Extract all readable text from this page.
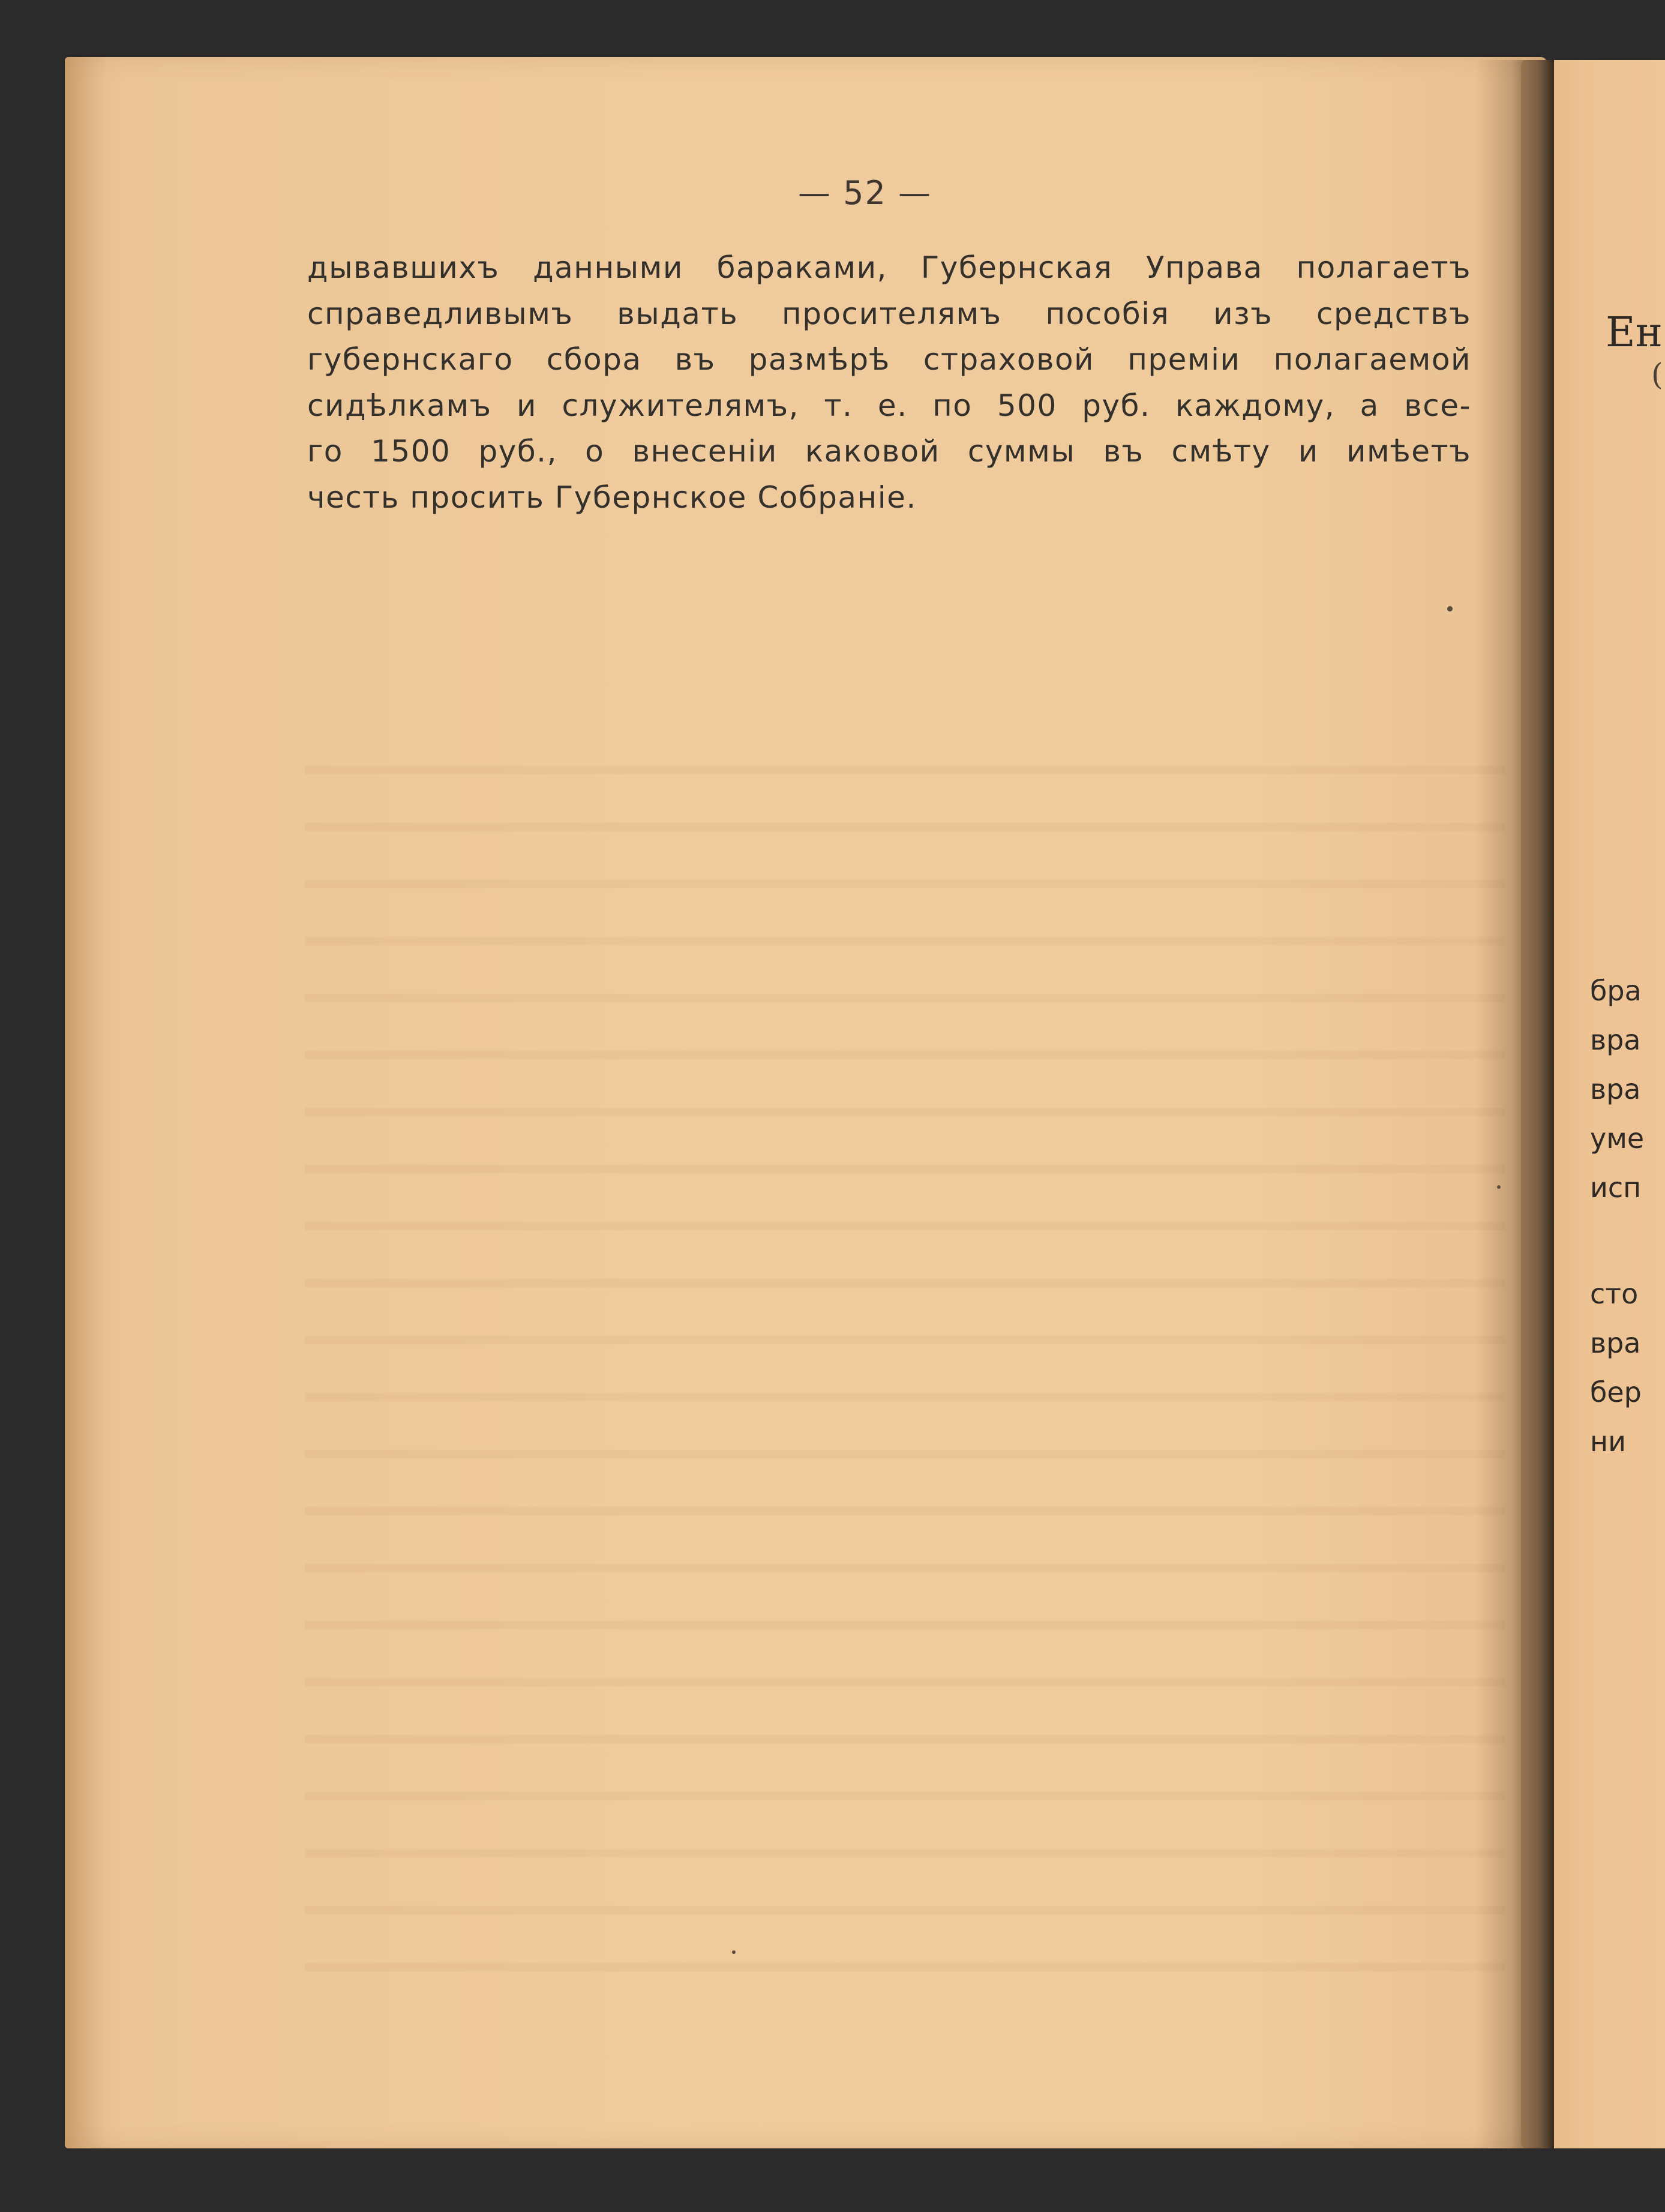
— 52 —
дывавшихъ данными бараками, Губернская Управа полагаетъ
справедливымъ выдать просителямъ пособія изъ средствъ
губернскаго сбора въ размѣрѣ страховой преміи полагаемой
сидѣлкамъ и служителямъ, т. е. по 500 руб. каждому, а все-
го 1500 руб., о внесеніи каковой суммы въ смѣту и имѣетъ
честь просить Губернское Собраніе.
Ен
(
бра
вра
вра
уме
исп
сто
вра
бер
ни
